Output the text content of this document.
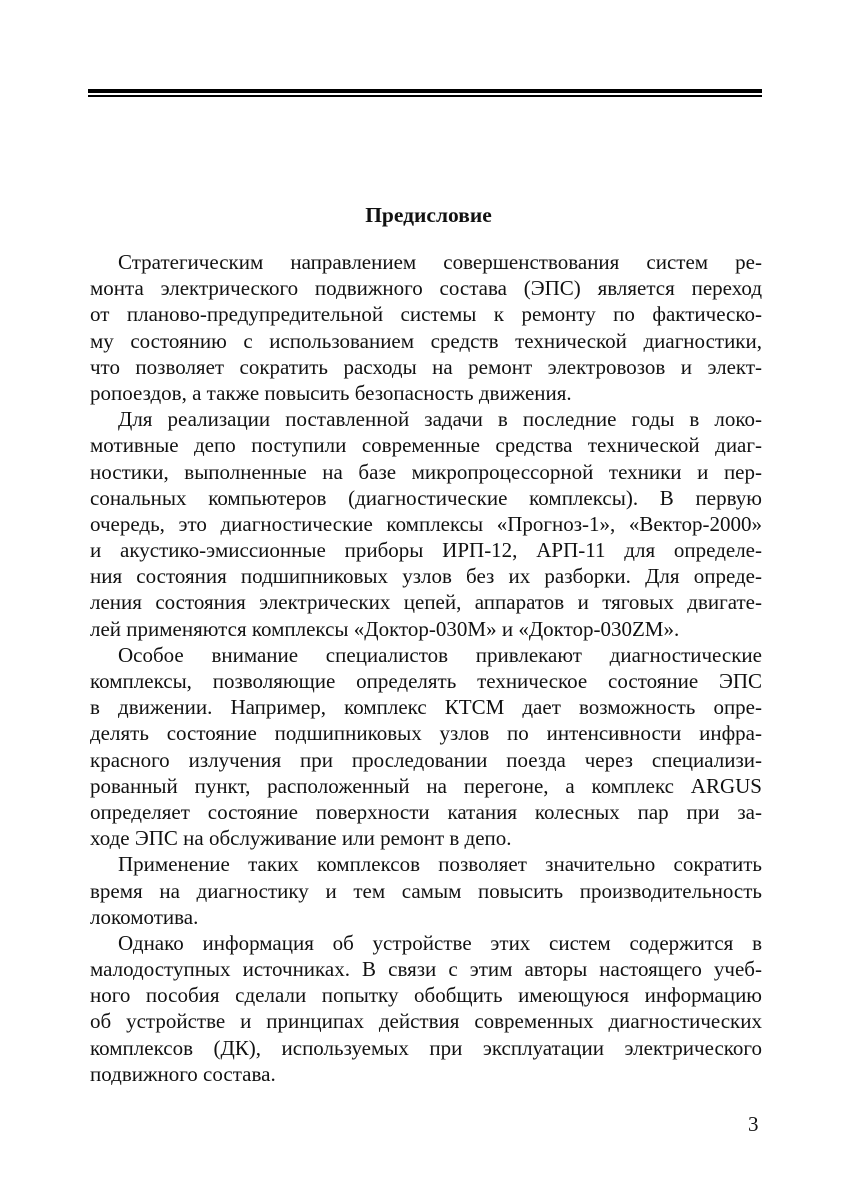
Предисловие
Стратегическим направлением совершенствования систем ре-
монта электрического подвижного состава (ЭПС) является переход
от планово-предупредительной системы к ремонту по фактическо-
му состоянию с использованием средств технической диагностики,
что позволяет сократить расходы на ремонт электровозов и элект-
ропоездов, а также повысить безопасность движения.
Для реализации поставленной задачи в последние годы в локо-
мотивные депо поступили современные средства технической диаг-
ностики, выполненные на базе микропроцессорной техники и пер-
сональных компьютеров (диагностические комплексы). В первую
очередь, это диагностические комплексы «Прогноз-1», «Вектор-2000»
и акустико-эмиссионные приборы ИРП-12, АРП-11 для определе-
ния состояния подшипниковых узлов без их разборки. Для опреде-
ления состояния электрических цепей, аппаратов и тяговых двигате-
лей применяются комплексы «Доктор-030М» и «Доктор-030ZM».
Особое внимание специалистов привлекают диагностические
комплексы, позволяющие определять техническое состояние ЭПС
в движении. Например, комплекс КТСМ дает возможность опре-
делять состояние подшипниковых узлов по интенсивности инфра-
красного излучения при проследовании поезда через специализи-
рованный пункт, расположенный на перегоне, а комплекс ARGUS
определяет состояние поверхности катания колесных пар при за-
ходе ЭПС на обслуживание или ремонт в депо.
Применение таких комплексов позволяет значительно сократить
время на диагностику и тем самым повысить производительность
локомотива.
Однако информация об устройстве этих систем содержится в
малодоступных источниках. В связи с этим авторы настоящего учеб-
ного пособия сделали попытку обобщить имеющуюся информацию
об устройстве и принципах действия современных диагностических
комплексов (ДК), используемых при эксплуатации электрического
подвижного состава.
3
